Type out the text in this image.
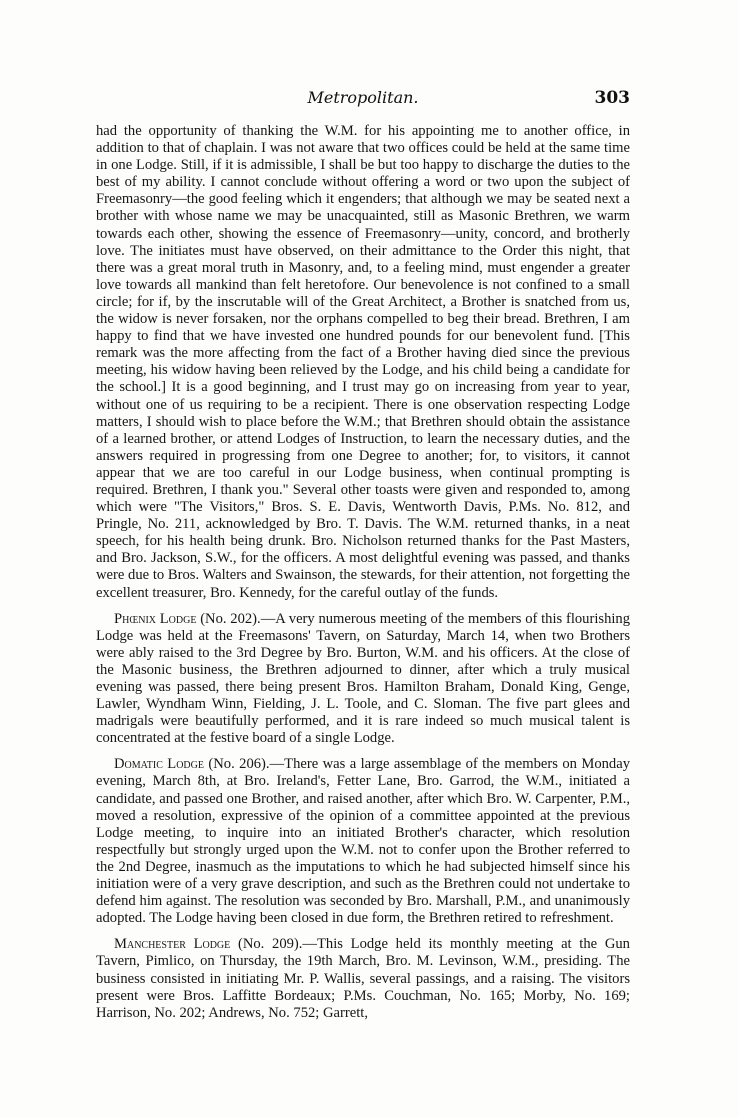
Metropolitan.	303

had the opportunity of thanking the W.M. for his appointing me to another office, in addition to that of chaplain. I was not aware that two offices could be held at the same time in one Lodge. Still, if it is admissible, I shall be but too happy to discharge the duties to the best of my ability. I cannot conclude without offering a word or two upon the subject of Freemasonry—the good feeling which it engenders; that although we may be seated next a brother with whose name we may be unacquainted, still as Masonic Brethren, we warm towards each other, showing the essence of Freemasonry—unity, concord, and brotherly love. The initiates must have observed, on their admittance to the Order this night, that there was a great moral truth in Masonry, and, to a feeling mind, must engender a greater love towards all mankind than felt heretofore. Our benevolence is not confined to a small circle; for if, by the inscrutable will of the Great Architect, a Brother is snatched from us, the widow is never forsaken, nor the orphans compelled to beg their bread. Brethren, I am happy to find that we have invested one hundred pounds for our benevolent fund. [This remark was the more affecting from the fact of a Brother having died since the previous meeting, his widow having been relieved by the Lodge, and his child being a candidate for the school.] It is a good beginning, and I trust may go on increasing from year to year, without one of us requiring to be a recipient. There is one observation respecting Lodge matters, I should wish to place before the W.M.; that Brethren should obtain the assistance of a learned brother, or attend Lodges of Instruction, to learn the necessary duties, and the answers required in progressing from one Degree to another; for, to visitors, it cannot appear that we are too careful in our Lodge business, when continual prompting is required. Brethren, I thank you." Several other toasts were given and responded to, among which were "The Visitors," Bros. S. E. Davis, Wentworth Davis, P.Ms. No. 812, and Pringle, No. 211, acknowledged by Bro. T. Davis. The W.M. returned thanks, in a neat speech, for his health being drunk. Bro. Nicholson returned thanks for the Past Masters, and Bro. Jackson, S.W., for the officers. A most delightful evening was passed, and thanks were due to Bros. Walters and Swainson, the stewards, for their attention, not forgetting the excellent treasurer, Bro. Kennedy, for the careful outlay of the funds.

Phœnix Lodge (No. 202).—A very numerous meeting of the members of this flourishing Lodge was held at the Freemasons' Tavern, on Saturday, March 14, when two Brothers were ably raised to the 3rd Degree by Bro. Burton, W.M. and his officers. At the close of the Masonic business, the Brethren adjourned to dinner, after which a truly musical evening was passed, there being present Bros. Hamilton Braham, Donald King, Genge, Lawler, Wyndham Winn, Fielding, J. L. Toole, and C. Sloman. The five part glees and madrigals were beautifully performed, and it is rare indeed so much musical talent is concentrated at the festive board of a single Lodge.

Domatic Lodge (No. 206).—There was a large assemblage of the members on Monday evening, March 8th, at Bro. Ireland's, Fetter Lane, Bro. Garrod, the W.M., initiated a candidate, and passed one Brother, and raised another, after which Bro. W. Carpenter, P.M., moved a resolution, expressive of the opinion of a committee appointed at the previous Lodge meeting, to inquire into an initiated Brother's character, which resolution respectfully but strongly urged upon the W.M. not to confer upon the Brother referred to the 2nd Degree, inasmuch as the imputations to which he had subjected himself since his initiation were of a very grave description, and such as the Brethren could not undertake to defend him against. The resolution was seconded by Bro. Marshall, P.M., and unanimously adopted. The Lodge having been closed in due form, the Brethren retired to refreshment.

Manchester Lodge (No. 209).—This Lodge held its monthly meeting at the Gun Tavern, Pimlico, on Thursday, the 19th March, Bro. M. Levinson, W.M., presiding. The business consisted in initiating Mr. P. Wallis, several passings, and a raising. The visitors present were Bros. Laffitte Bordeaux; P.Ms. Couchman, No. 165; Morby, No. 169; Harrison, No. 202; Andrews, No. 752; Garrett,
